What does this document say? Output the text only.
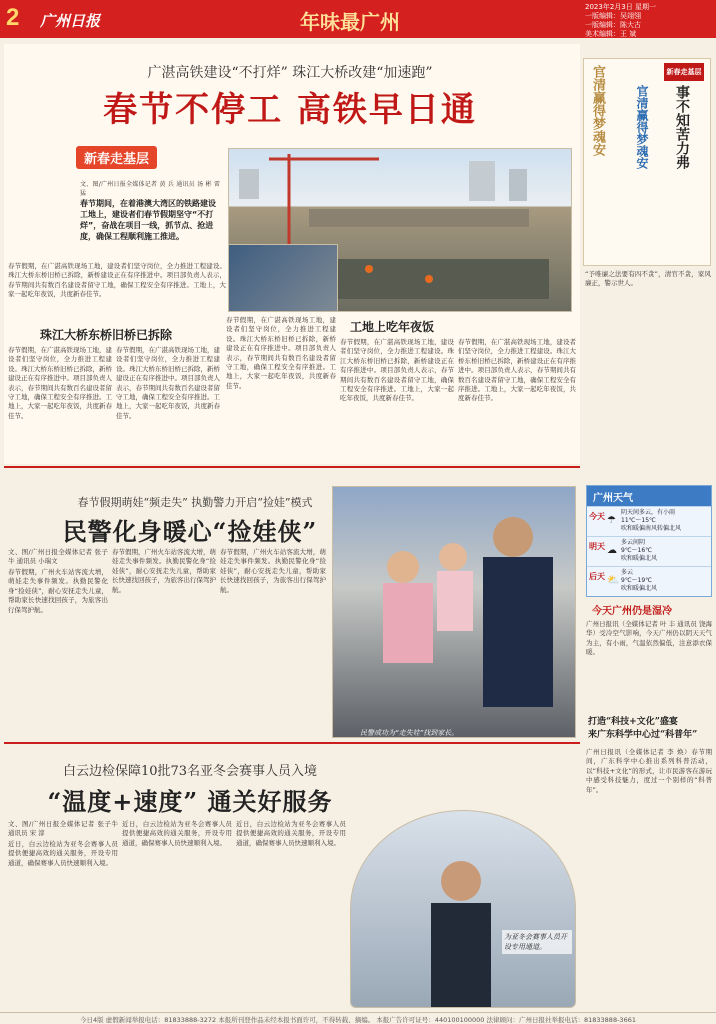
2	广州日报	年味最广州
2023年2月3日 星期一
一版编辑：吴翊翎
一版编辑：陈大古
美术编辑：王 斌
广湛高铁建设“不打烊” 珠江大桥改建“加速跑”
春节不停工 高铁早日通
新春走基层
文、图/广州日报全媒体记者 黄 兵 通讯员 汤 彬 雷 猛
春节期间，在着港澳大湾区的铁路建设工地上，建设者们春节假期坚守“不打烊”，奋战在项目一线，抓节点、抢进度，确保工程顺利施工推进。
春节假期，在广湛高铁现场工地，建设者们坚守岗位，全力推进工程建设。珠江大桥东桥旧桥已拆除，新桥建设正在有序推进中。项目部负责人表示，春节期间共有数百名建设者留守工地，确保工程安全有序推进。工地上，大家一起吃年夜饭，共度新春佳节。
珠江大桥东桥旧桥已拆除
春节假期，在广湛高铁现场工地，建设者们坚守岗位，全力推进工程建设。珠江大桥东桥旧桥已拆除，新桥建设正在有序推进中。项目部负责人表示，春节期间共有数百名建设者留守工地，确保工程安全有序推进。工地上，大家一起吃年夜饭，共度新春佳节。
春节假期，在广湛高铁现场工地，建设者们坚守岗位，全力推进工程建设。珠江大桥东桥旧桥已拆除，新桥建设正在有序推进中。项目部负责人表示，春节期间共有数百名建设者留守工地，确保工程安全有序推进。工地上，大家一起吃年夜饭，共度新春佳节。
春节假期，在广湛高铁现场工地，建设者们坚守岗位，全力推进工程建设。珠江大桥东桥旧桥已拆除，新桥建设正在有序推进中。项目部负责人表示，春节期间共有数百名建设者留守工地，确保工程安全有序推进。工地上，大家一起吃年夜饭，共度新春佳节。
工地上吃年夜饭
春节假期，在广湛高铁现场工地，建设者们坚守岗位，全力推进工程建设。珠江大桥东桥旧桥已拆除，新桥建设正在有序推进中。项目部负责人表示，春节期间共有数百名建设者留守工地，确保工程安全有序推进。工地上，大家一起吃年夜饭，共度新春佳节。
春节假期，在广湛高铁现场工地，建设者们坚守岗位，全力推进工程建设。珠江大桥东桥旧桥已拆除，新桥建设正在有序推进中。项目部负责人表示，春节期间共有数百名建设者留守工地，确保工程安全有序推进。工地上，大家一起吃年夜饭，共度新春佳节。
官清赢得梦魂安	新春走基层
事不知苦力弗
官清赢得梦魂安
“予唯廉之法要有四不贪”，清官不贪，家风廉正，警示世人。
春节假期萌娃“频走失” 执勤警力开启“捡娃”模式
民警化身暖心“捡娃侠”
文、图/广州日报全媒体记者 张子牛 通讯员 小瑞文
春节假期，广州火车站客流大增，萌娃走失事件频发。执勤民警化身“捡娃侠”，耐心安抚走失儿童，帮助家长快速找回孩子，为旅客出行保驾护航。
春节假期，广州火车站客流大增，萌娃走失事件频发。执勤民警化身“捡娃侠”，耐心安抚走失儿童，帮助家长快速找回孩子，为旅客出行保驾护航。
春节假期，广州火车站客流大增，萌娃走失事件频发。执勤民警化身“捡娃侠”，耐心安抚走失儿童，帮助家长快速找回孩子，为旅客出行保驾护航。
民警成功为“走失娃”找到家长。
广州天气
今天 ☂
阴天间多云，有小雨
11℃～15℃
吹和暖偏南风转偏北风
明天 ☁
多云间阴
9℃～16℃
吹和暖偏北风
后天 ⛅
多云
9℃～19℃
吹和暖偏北风
今天广州仍是湿冷
广州日报讯（全媒体记者 叶 丰 通讯员 饶海华）受冷空气影响，今天广州仍以阴天天气为主，有小雨，气温依然偏低，注意添衣保暖。
打造“科技+文化”盛宴
来广东科学中心过“科普年”
广州日报讯（全媒体记者 李 焕）春节期间，广东科学中心推出系列科普活动，以“科技+文化”的形式，让市民游客在游玩中感受科技魅力，度过一个别样的“科普年”。
白云边检保障10批73名亚冬会赛事人员入境
“温度+速度” 通关好服务
文、图/广州日报全媒体记者 张子牛 通讯员 宋 淳
近日，白云边检站为亚冬会赛事人员提供便捷高效的通关服务，开设专用通道，确保赛事人员快速顺利入境。
近日，白云边检站为亚冬会赛事人员提供便捷高效的通关服务，开设专用通道，确保赛事人员快速顺利入境。
近日，白云边检站为亚冬会赛事人员提供便捷高效的通关服务，开设专用通道，确保赛事人员快速顺利入境。
为亚冬会赛事人员开设专用通道。
今日4版 虚假新闻举报电话：81833888-3272 本报所刊登作品未经本报书面许可，不得转载、摘编。 本报广告许可证号：440100100000 法律顾问：广州日报社举报电话：81833888-3661
